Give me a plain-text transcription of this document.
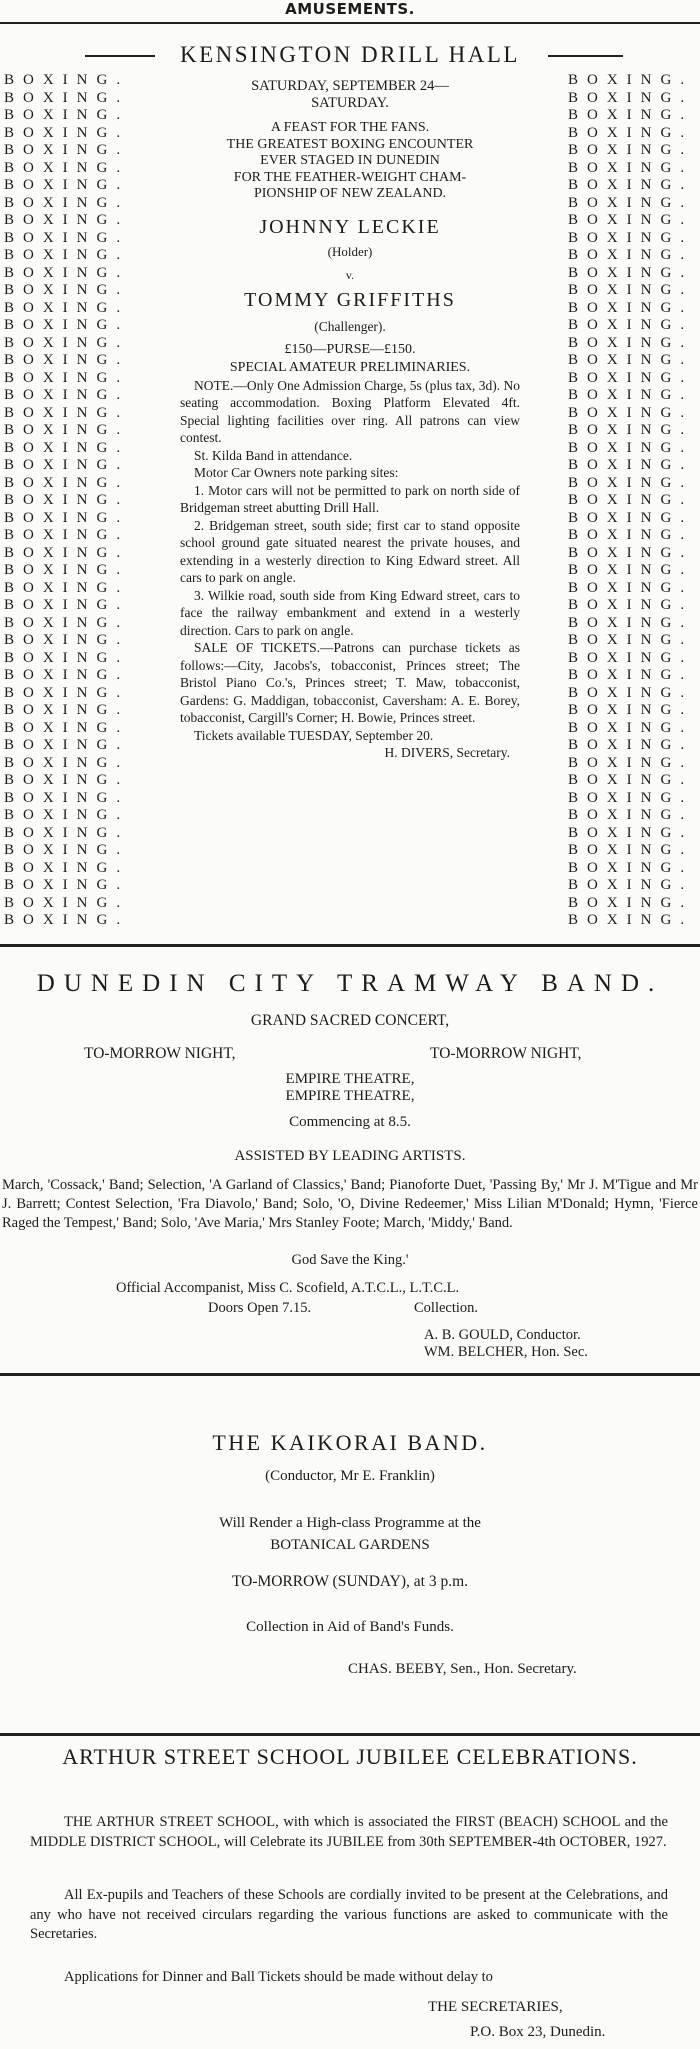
AMUSEMENTS.
KENSINGTON DRILL HALL
BOXING.
BOXING.
BOXING.
BOXING.
BOXING.
BOXING.
BOXING.
BOXING.
BOXING.
BOXING.
BOXING.
BOXING.
BOXING.
BOXING.
BOXING.
BOXING.
BOXING.
BOXING.
BOXING.
BOXING.
BOXING.
BOXING.
BOXING.
BOXING.
BOXING.
BOXING.
BOXING.
BOXING.
BOXING.
BOXING.
BOXING.
BOXING.
BOXING.
BOXING.
BOXING.
BOXING.
BOXING.
BOXING.
BOXING.
BOXING.
BOXING.
BOXING.
BOXING.
BOXING.
BOXING.
BOXING.
BOXING.
BOXING.
BOXING.
BOXING.
BOXING.
BOXING.
BOXING.
BOXING.
BOXING.
BOXING.
BOXING.
BOXING.
BOXING.
BOXING.
BOXING.
BOXING.
BOXING.
BOXING.
BOXING.
BOXING.
BOXING.
BOXING.
BOXING.
BOXING.
BOXING.
BOXING.
BOXING.
BOXING.
BOXING.
BOXING.
BOXING.
BOXING.
BOXING.
BOXING.
BOXING.
BOXING.
BOXING.
BOXING.
BOXING.
BOXING.
BOXING.
BOXING.
BOXING.
BOXING.
BOXING.
BOXING.
BOXING.
BOXING.
BOXING.
BOXING.
BOXING.
BOXING.
SATURDAY, SEPTEMBER 24—
SATURDAY.
A FEAST FOR THE FANS.
THE GREATEST BOXING ENCOUNTER
EVER STAGED IN DUNEDIN
FOR THE FEATHER-WEIGHT CHAM-
PIONSHIP OF NEW ZEALAND.
JOHNNY LECKIE
(Holder)
v.
TOMMY GRIFFITHS
(Challenger).
£150—PURSE—£150.
SPECIAL AMATEUR PRELIMINARIES.
NOTE.—Only One Admission Charge, 5s (plus tax, 3d). No seating accommodation. Boxing Platform Elevated 4ft. Special lighting facilities over ring. All patrons can view contest.
St. Kilda Band in attendance.
Motor Car Owners note parking sites:
1. Motor cars will not be permitted to park on north side of Bridgeman street abutting Drill Hall.
2. Bridgeman street, south side; first car to stand opposite school ground gate situated nearest the private houses, and extending in a westerly direction to King Edward street. All cars to park on angle.
3. Wilkie road, south side from King Edward street, cars to face the railway embankment and extend in a westerly direction. Cars to park on angle.
SALE OF TICKETS.—Patrons can purchase tickets as follows:—City, Jacobs's, tobacconist, Princes street; The Bristol Piano Co.'s, Princes street; T. Maw, tobacconist, Gardens: G. Maddigan, tobacconist, Caversham: A. E. Borey, tobacconist, Cargill's Corner; H. Bowie, Princes street.
Tickets available TUESDAY, September 20.
H. DIVERS, Secretary.
DUNEDIN CITY TRAMWAY BAND.
GRAND SACRED CONCERT,
TO-MORROW NIGHT,	TO-MORROW NIGHT,
EMPIRE THEATRE,
EMPIRE THEATRE,
Commencing at 8.5.
ASSISTED BY LEADING ARTISTS.
March, 'Cossack,' Band; Selection, 'A Garland of Classics,' Band; Pianoforte Duet, 'Passing By,' Mr J. M'Tigue and Mr J. Barrett; Contest Selection, 'Fra Diavolo,' Band; Solo, 'O, Divine Redeemer,' Miss Lilian M'Donald; Hymn, 'Fierce Raged the Tempest,' Band; Solo, 'Ave Maria,' Mrs Stanley Foote; March, 'Middy,' Band.
God Save the King.'
Official Accompanist, Miss C. Scofield, A.T.C.L., L.T.C.L.
Doors Open 7.15.	Collection.
A. B. GOULD, Conductor.
WM. BELCHER, Hon. Sec.
THE KAIKORAI BAND.
(Conductor, Mr E. Franklin)
Will Render a High-class Programme at the
BOTANICAL GARDENS
TO-MORROW (SUNDAY), at 3 p.m.
Collection in Aid of Band's Funds.
CHAS. BEEBY, Sen., Hon. Secretary.
ARTHUR STREET SCHOOL JUBILEE CELEBRATIONS.
THE ARTHUR STREET SCHOOL, with which is associated the FIRST (BEACH) SCHOOL and the MIDDLE DISTRICT SCHOOL, will Celebrate its JUBILEE from 30th SEPTEMBER-4th OCTOBER, 1927.
All Ex-pupils and Teachers of these Schools are cordially invited to be present at the Celebrations, and any who have not received circulars regarding the various functions are asked to communicate with the Secretaries.
Applications for Dinner and Ball Tickets should be made without delay to
THE SECRETARIES,
P.O. Box 23, Dunedin.
